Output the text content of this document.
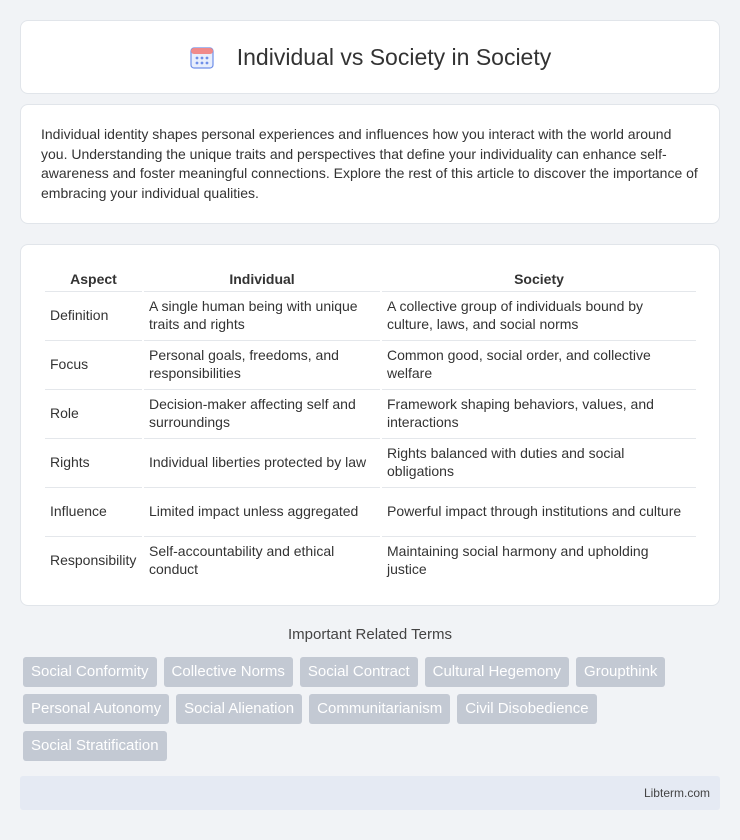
Individual vs Society in Society

Individual identity shapes personal experiences and influences how you interact with the world around you. Understanding the unique traits and perspectives that define your individuality can enhance self-awareness and foster meaningful connections. Explore the rest of this article to discover the importance of embracing your individual qualities.

Aspect	Individual	Society
Definition	A single human being with unique traits and rights	A collective group of individuals bound by culture, laws, and social norms
Focus	Personal goals, freedoms, and responsibilities	Common good, social order, and collective welfare
Role	Decision-maker affecting self and surroundings	Framework shaping behaviors, values, and interactions
Rights	Individual liberties protected by law	Rights balanced with duties and social obligations
Influence	Limited impact unless aggregated	Powerful impact through institutions and culture
Responsibility	Self-accountability and ethical conduct	Maintaining social harmony and upholding justice
Important Related Terms
Social Conformity	Collective Norms	Social Contract	Cultural Hegemony	Groupthink
Personal Autonomy	Social Alienation	Communitarianism	Civil Disobedience
Social Stratification
Libterm.com
